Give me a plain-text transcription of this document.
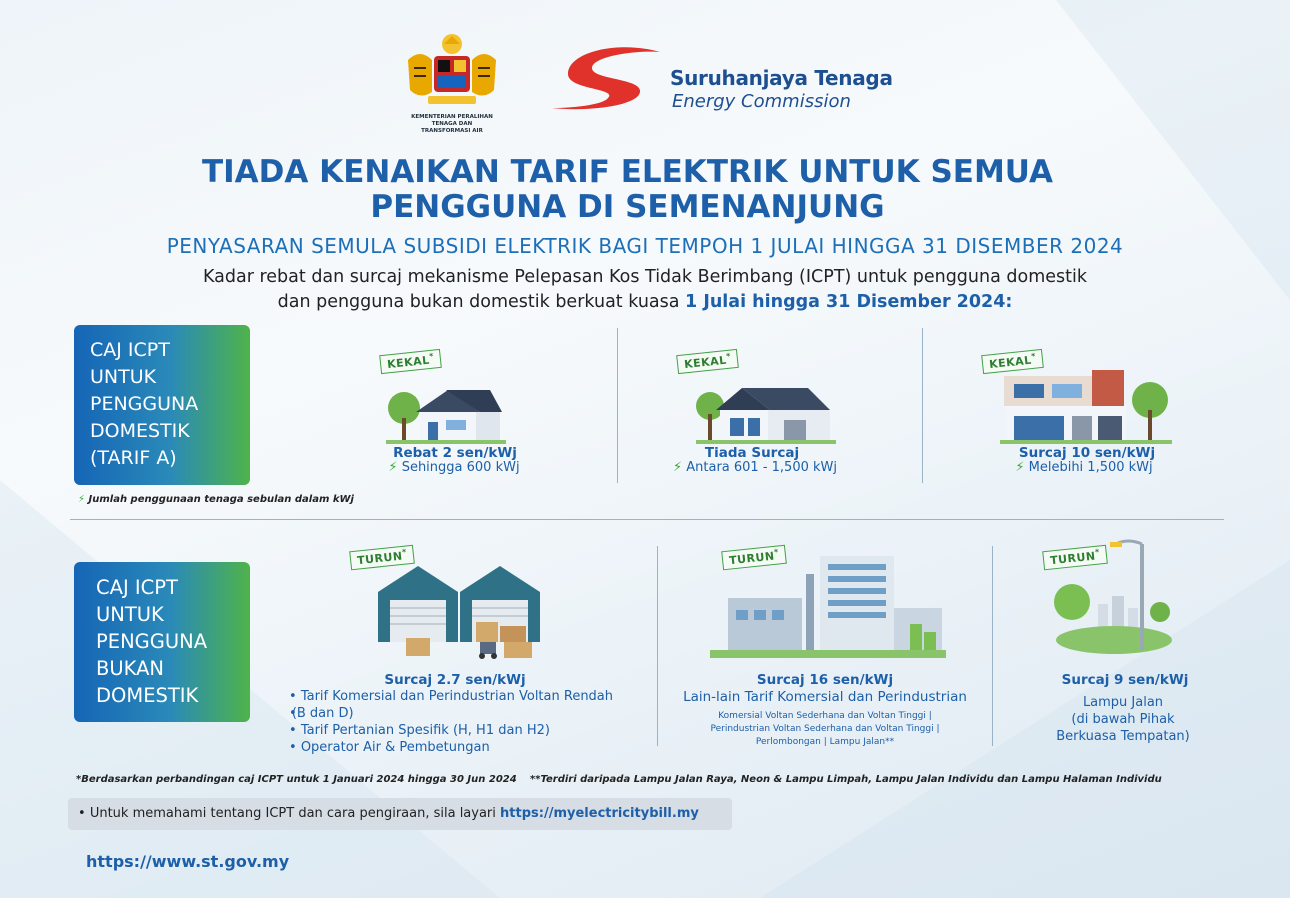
KEMENTERIAN PERALIHAN TENAGA DAN
TRANSFORMASI AIR
Suruhanjaya Tenaga
Energy Commission
TIADA KENAIKAN TARIF ELEKTRIK UNTUK SEMUA
PENGGUNA DI SEMENANJUNG
PENYASARAN SEMULA SUBSIDI ELEKTRIK BAGI TEMPOH 1 JULAI HINGGA 31 DISEMBER 2024
Kadar rebat dan surcaj mekanisme Pelepasan Kos Tidak Berimbang (ICPT) untuk pengguna domestik
dan pengguna bukan domestik berkuat kuasa 1 Julai hingga 31 Disember 2024:
CAJ ICPT
UNTUK
PENGGUNA
DOMESTIK
(TARIF A)
KEKAL*
Rebat 2 sen/kWj
⚡ Sehingga 600 kWj
KEKAL*
Tiada Surcaj
⚡ Antara 601 - 1,500 kWj
KEKAL*
Surcaj 10 sen/kWj
⚡ Melebihi 1,500 kWj
⚡ Jumlah penggunaan tenaga sebulan dalam kWj
CAJ ICPT
UNTUK
PENGGUNA
BUKAN
DOMESTIK
TURUN*
Surcaj 2.7 sen/kWj
• Tarif Komersial dan Perindustrian Voltan Rendah
• (B dan D)
• Tarif Pertanian Spesifik (H, H1 dan H2)
• Operator Air & Pembetungan
TURUN*
Surcaj 16 sen/kWj
Lain-lain Tarif Komersial dan Perindustrian
Komersial Voltan Sederhana dan Voltan Tinggi |
Perindustrian Voltan Sederhana dan Voltan Tinggi |
Perlombongan | Lampu Jalan**
TURUN*
Surcaj 9 sen/kWj
Lampu Jalan
(di bawah Pihak
Berkuasa Tempatan)
*Berdasarkan perbandingan caj ICPT untuk 1 Januari 2024 hingga 30 Jun 2024 **Terdiri daripada Lampu Jalan Raya, Neon & Lampu Limpah, Lampu Jalan Individu dan Lampu Halaman Individu
• Untuk memahami tentang ICPT dan cara pengiraan, sila layari https://myelectricitybill.my
https://www.st.gov.my
